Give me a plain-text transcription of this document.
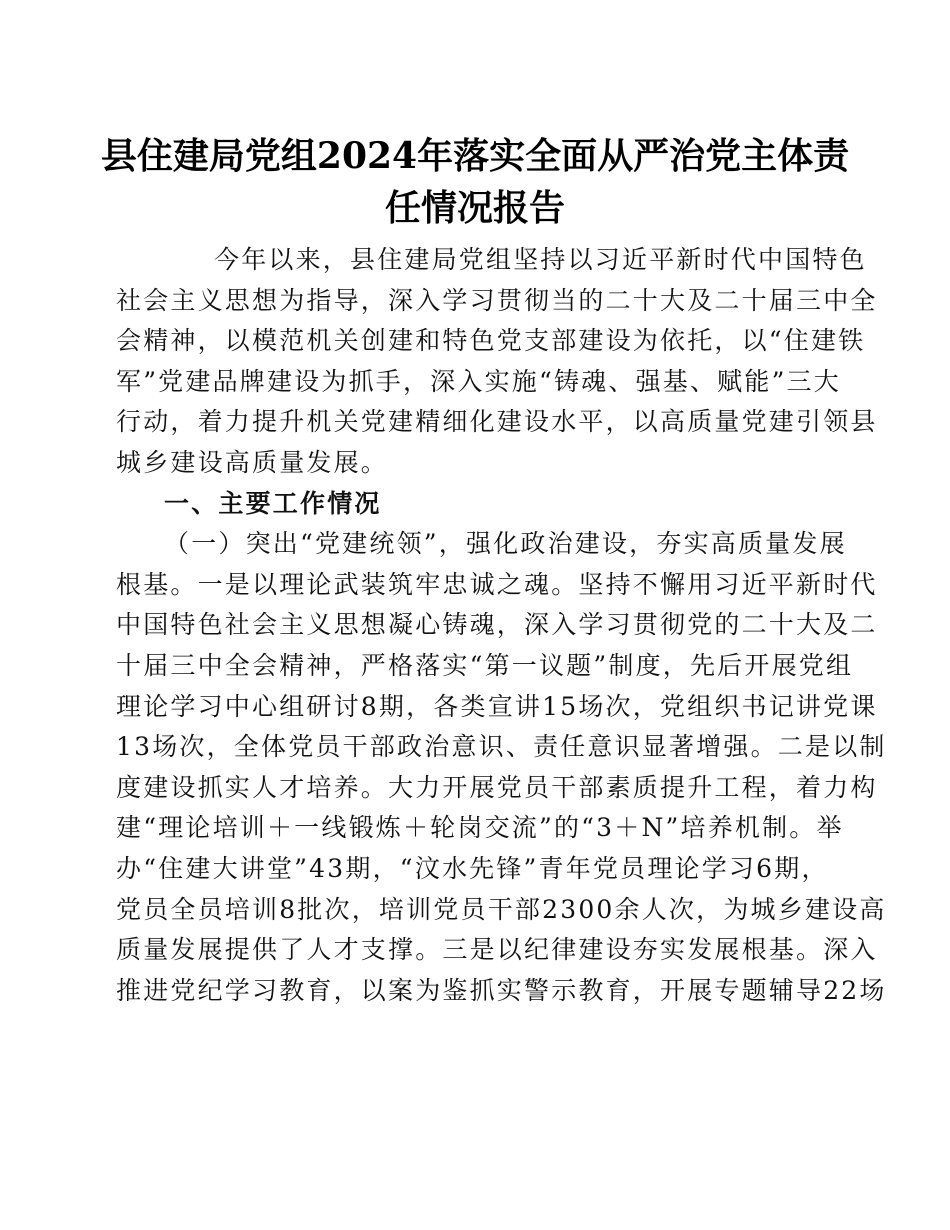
县住建局党组2024年落实全面从严治党主体责
任情况报告
今年以来，县住建局党组坚持以习近平新时代中国特色
社会主义思想为指导，深入学习贯彻当的二十大及二十届三中全
会精神，以模范机关创建和特色党支部建设为依托，以“住建铁
军”党建品牌建设为抓手，深入实施“铸魂、强基、赋能”三大
行动，着力提升机关党建精细化建设水平，以高质量党建引领县
城乡建设高质量发展。
一、主要工作情况
（一）突出“党建统领”，强化政治建设，夯实高质量发展
根基。一是以理论武装筑牢忠诚之魂。坚持不懈用习近平新时代
中国特色社会主义思想凝心铸魂，深入学习贯彻党的二十大及二
十届三中全会精神，严格落实“第一议题”制度，先后开展党组
理论学习中心组研讨8期，各类宣讲15场次，党组织书记讲党课
13场次，全体党员干部政治意识、责任意识显著增强。二是以制
度建设抓实人才培养。大力开展党员干部素质提升工程，着力构
建“理论培训＋一线锻炼＋轮岗交流”的“3＋N”培养机制。举
办“住建大讲堂”43期，“汶水先锋”青年党员理论学习6期，
党员全员培训8批次，培训党员干部2300余人次，为城乡建设高
质量发展提供了人才支撑。三是以纪律建设夯实发展根基。深入
推进党纪学习教育，以案为鉴抓实警示教育，开展专题辅导22场
